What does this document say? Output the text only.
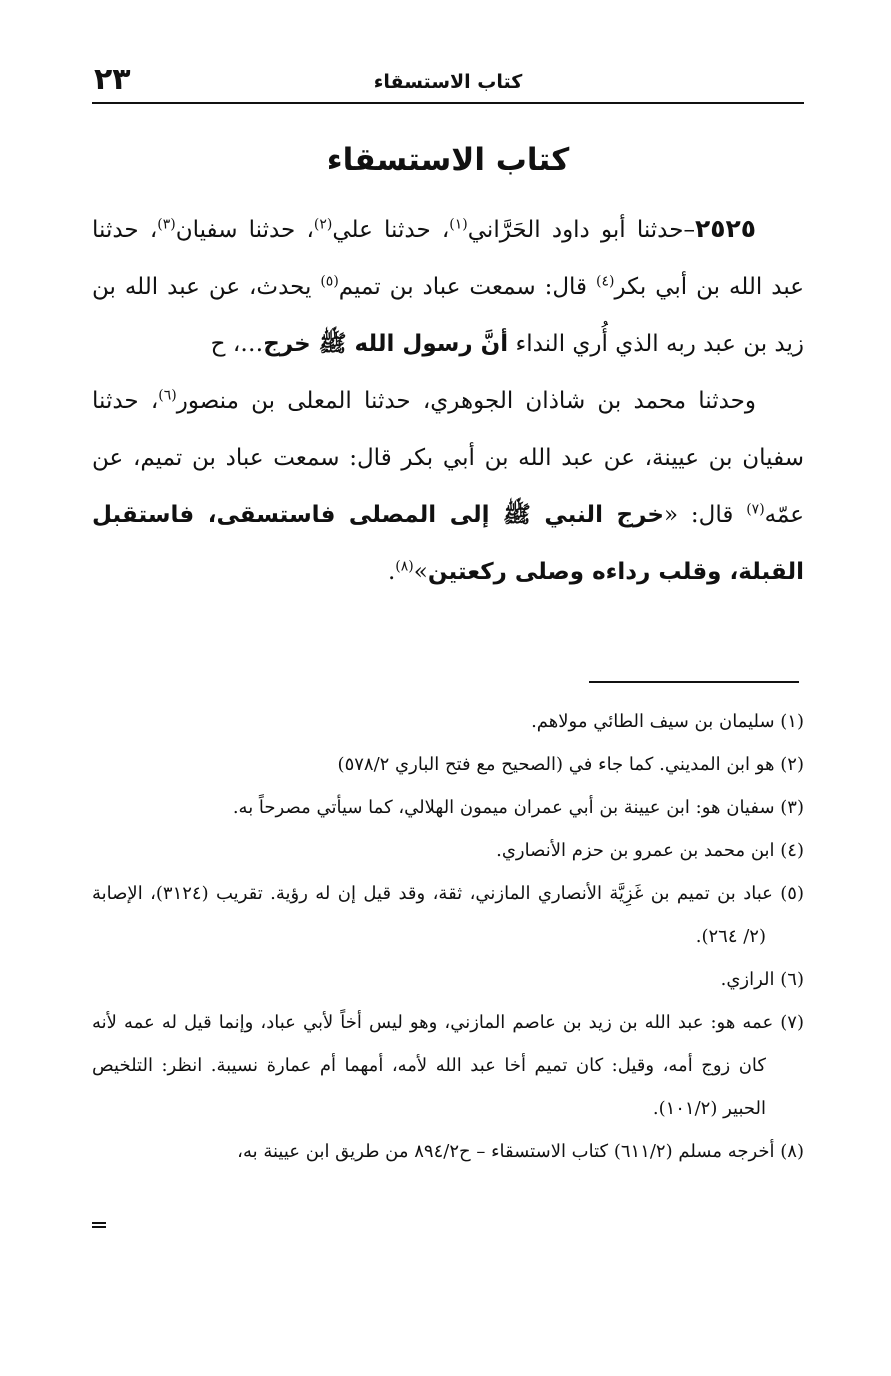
كتاب الاستسقاء
٢٣
كتاب الاستسقاء

٢٥٢٥–حدثنا أبو داود الحَرَّاني$^{(١)}$، حدثنا علي$^{(٢)}$، حدثنا سفيان$^{(٣)}$، حدثنا عبد الله بن أبي بكر$^{(٤)}$ قال: سمعت عباد بن تميم$^{(٥)}$ يحدث، عن عبد الله بن زيد بن عبد ربه الذي أُري النداء أنَّ رسول الله ﷺ خرج…، ح

وحدثنا محمد بن شاذان الجوهري، حدثنا المعلى بن منصور$^{(٦)}$، حدثنا سفيان بن عيينة، عن عبد الله بن أبي بكر قال: سمعت عباد بن تميم، عن عمّه$^{(٧)}$ قال: «خرج النبي ﷺ إلى المصلى فاستسقى، فاستقبل القبلة، وقلب رداءه وصلى ركعتين»$^{(٨)}$.

(١) سليمان بن سيف الطائي مولاهم.

(٢) هو ابن المديني. كما جاء في (الصحيح مع فتح الباري ٥٧٨/٢)

(٣) سفيان هو: ابن عيينة بن أبي عمران ميمون الهلالي، كما سيأتي مصرحاً به.

(٤) ابن محمد بن عمرو بن حزم الأنصاري.

(٥) عباد بن تميم بن غَزِيَّة الأنصاري المازني، ثقة، وقد قيل إن له رؤية. تقريب (٣١٢٤)، الإصابة (٢/ ٢٦٤).

(٦) الرازي.

(٧) عمه هو: عبد الله بن زيد بن عاصم المازني، وهو ليس أخاً لأبي عباد، وإنما قيل له عمه لأنه كان زوج أمه، وقيل: كان تميم أخا عبد الله لأمه، أمهما أم عمارة نسيبة. انظر: التلخيص الحبير (١٠١/٢).

(٨) أخرجه مسلم (٦١١/٢) كتاب الاستسقاء – ح٨٩٤/٢ من طريق ابن عيينة به،
